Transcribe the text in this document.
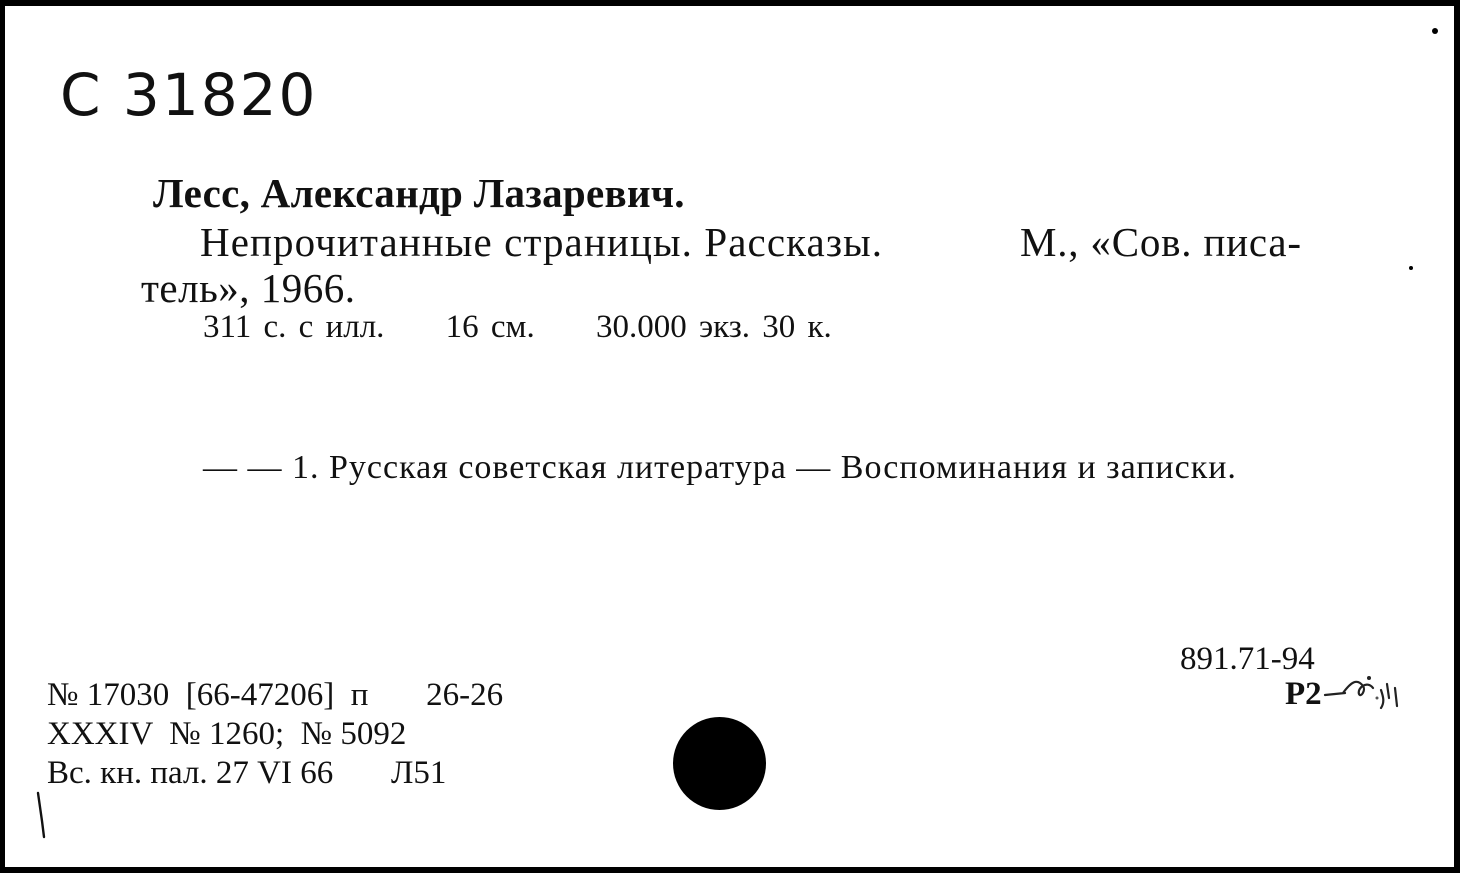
С 31820
Лесс, Александр Лазаревич.
Непрочитанные страницы. Рассказы.	М., «Сов. писа-
тель», 1966.
311 с. с илл.     16 см.     30.000 экз. 30 к.
— — 1. Русская советская литература — Воспоминания и записки.
891.71-94
Р2
№ 17030  [66-47206]  п       26-26
XXXIV  № 1260;  № 5092
Вс. кн. пал. 27 VI 66       Л51
